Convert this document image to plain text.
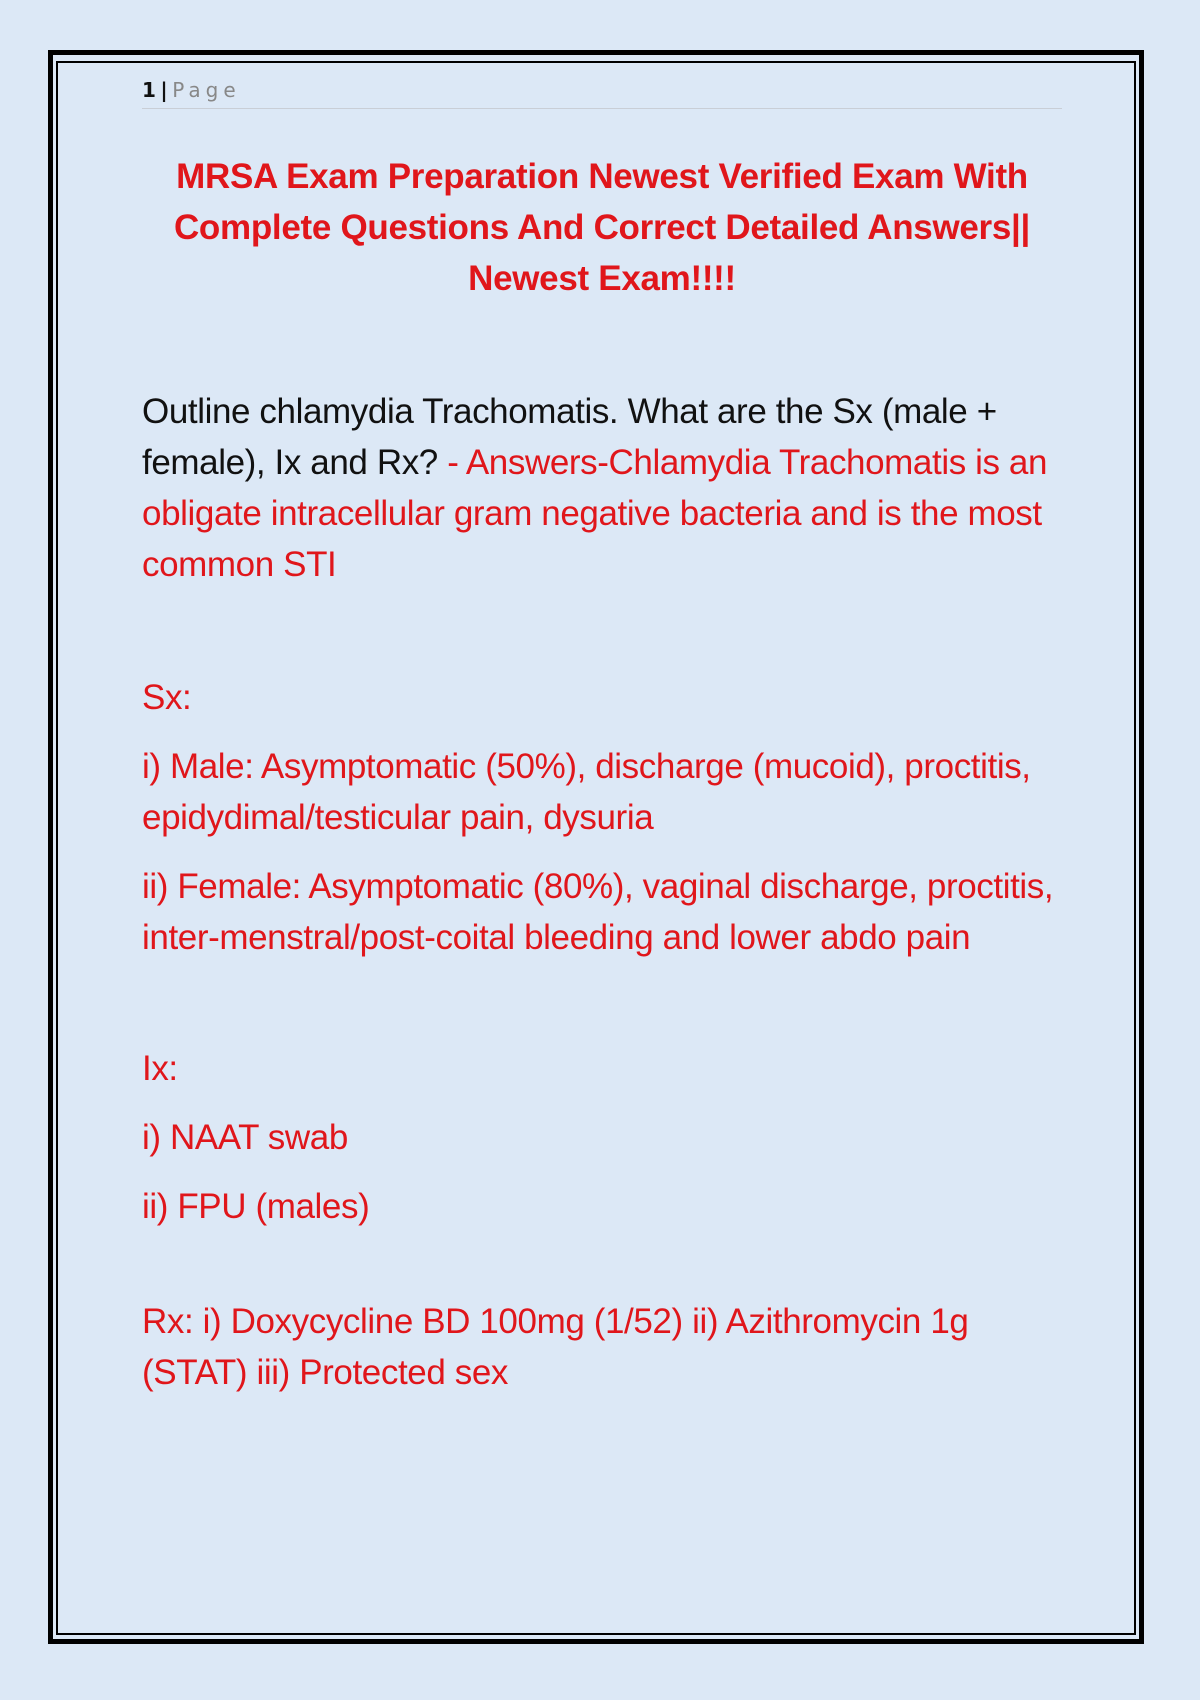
1 | Page
MRSA Exam Preparation Newest Verified Exam With
Complete Questions And Correct Detailed Answers||
Newest Exam!!!!
Outline chlamydia Trachomatis. What are the Sx (male + female), Ix and Rx? - Answers-Chlamydia Trachomatis is an obligate intracellular gram negative bacteria and is the most common STI
Sx:
i) Male: Asymptomatic (50%), discharge (mucoid), proctitis, epidydimal/testicular pain, dysuria
ii) Female: Asymptomatic (80%), vaginal discharge, proctitis, inter-menstral/post-coital bleeding and lower abdo pain
Ix:
i) NAAT swab
ii) FPU (males)
Rx: i) Doxycycline BD 100mg (1/52) ii) Azithromycin 1g (STAT) iii) Protected sex
